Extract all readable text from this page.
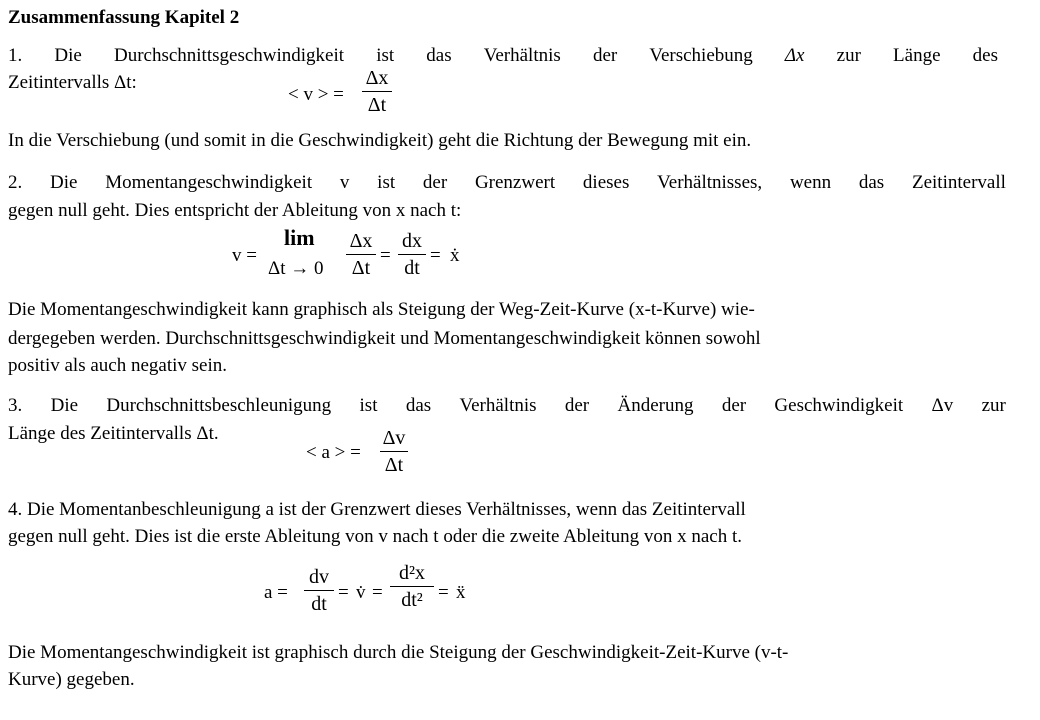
Zusammenfassung Kapitel 2
1. Die Durchschnittsgeschwindigkeit ist das Verhältnis der Verschiebung Δx zur Länge des
Zeitintervalls Δt:
< v > =
Δx
Δt
In die Verschiebung (und somit in die Geschwindigkeit) geht die Richtung der Bewegung mit ein.
2. Die Momentangeschwindigkeit v ist der Grenzwert dieses Verhältnisses, wenn das Zeitintervall
gegen null geht. Dies entspricht der Ableitung von x nach t:
v =
lim
Δt → 0
Δx
Δt
=
dx
dt
= ẋ
Die Momentangeschwindigkeit kann graphisch als Steigung der Weg-Zeit-Kurve (x-t-Kurve) wie-
dergegeben werden. Durchschnittsgeschwindigkeit und Momentangeschwindigkeit können sowohl
positiv als auch negativ sein.
3. Die Durchschnittsbeschleunigung ist das Verhältnis der Änderung der Geschwindigkeit Δv zur
Länge des Zeitintervalls Δt.
< a > =
Δv
Δt
4. Die Momentanbeschleunigung a ist der Grenzwert dieses Verhältnisses, wenn das Zeitintervall
gegen null geht. Dies ist die erste Ableitung von v nach t oder die zweite Ableitung von x nach t.
a =
dv
dt
= v̇ =
d²x
dt² = ẍ
Die Momentangeschwindigkeit ist graphisch durch die Steigung der Geschwindigkeit-Zeit-Kurve (v-t-
Kurve) gegeben.
